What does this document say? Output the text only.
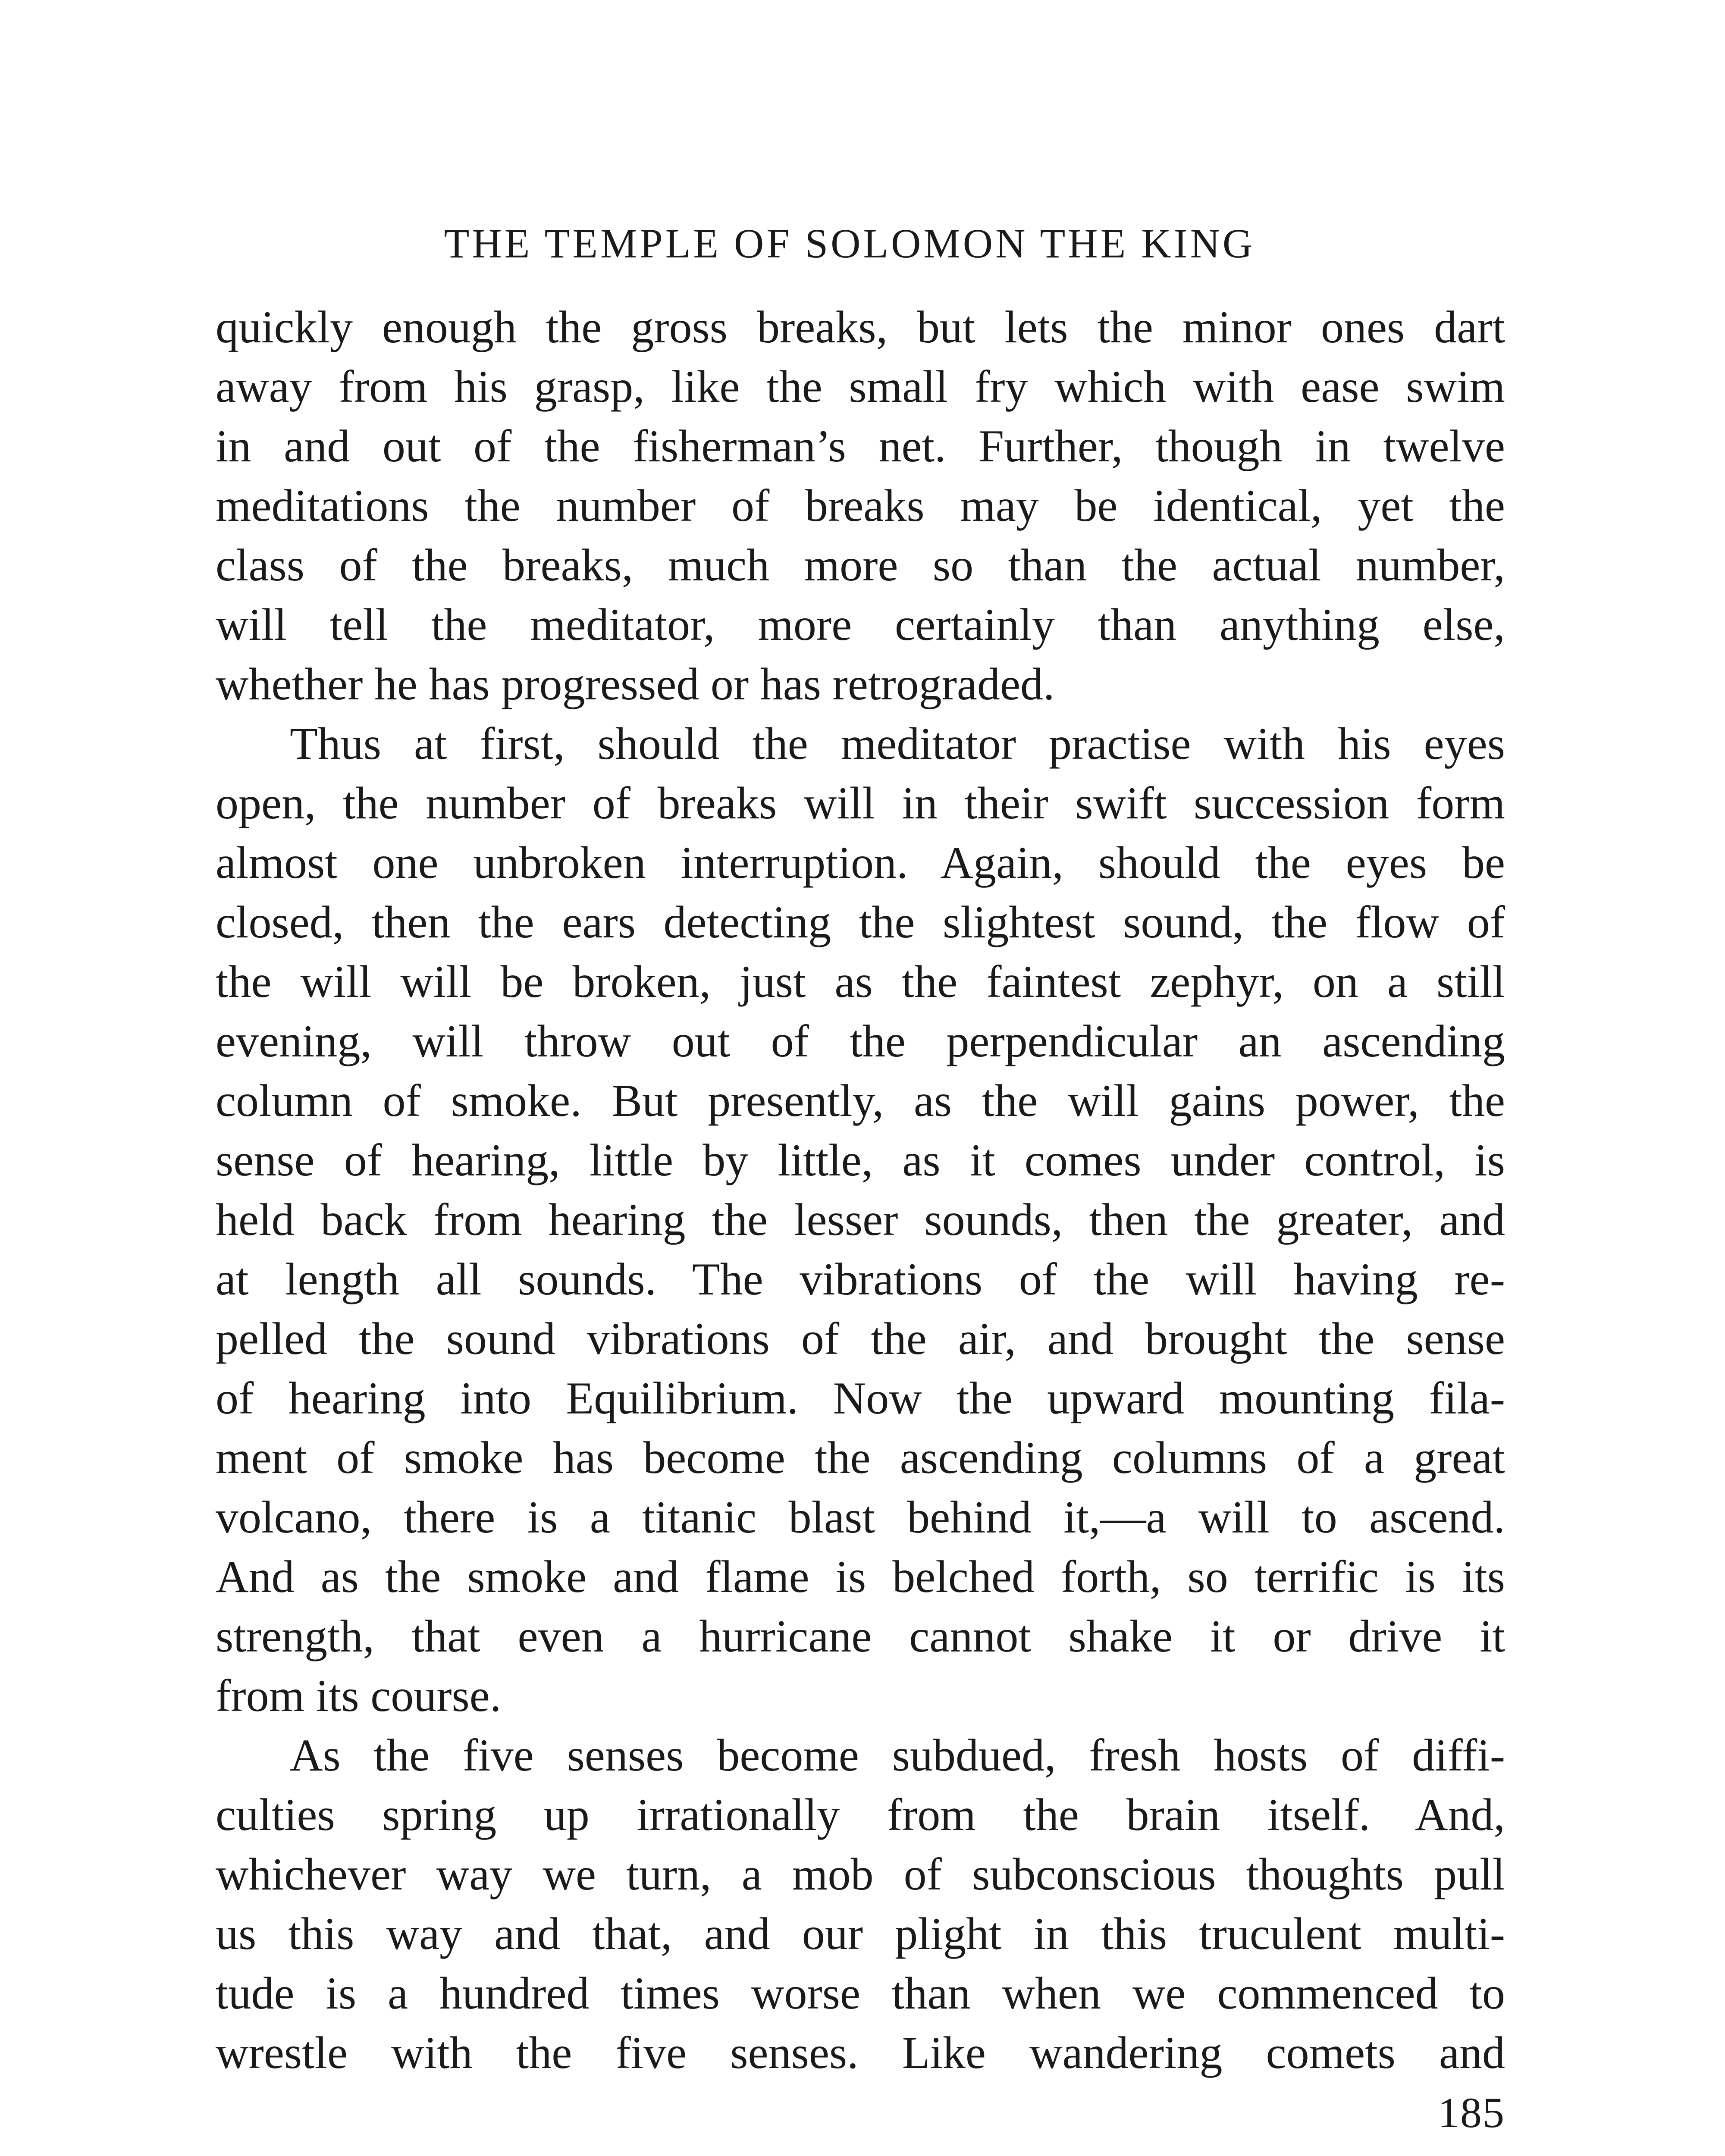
THE TEMPLE OF SOLOMON THE KING
quickly enough the gross breaks, but lets the minor ones dart
away from his grasp, like the small fry which with ease swim
in and out of the fisherman’s net. Further, though in twelve
meditations the number of breaks may be identical, yet the
class of the breaks, much more so than the actual number,
will tell the meditator, more certainly than anything else,
whether he has progressed or has retrograded.
Thus at first, should the meditator practise with his eyes
open, the number of breaks will in their swift succession form
almost one unbroken interruption. Again, should the eyes be
closed, then the ears detecting the slightest sound, the flow of
the will will be broken, just as the faintest zephyr, on a still
evening, will throw out of the perpendicular an ascending
column of smoke. But presently, as the will gains power, the
sense of hearing, little by little, as it comes under control, is
held back from hearing the lesser sounds, then the greater, and
at length all sounds. The vibrations of the will having re-
pelled the sound vibrations of the air, and brought the sense
of hearing into Equilibrium. Now the upward mounting fila-
ment of smoke has become the ascending columns of a great
volcano, there is a titanic blast behind it,—a will to ascend.
And as the smoke and flame is belched forth, so terrific is its
strength, that even a hurricane cannot shake it or drive it
from its course.
As the five senses become subdued, fresh hosts of diffi-
culties spring up irrationally from the brain itself. And,
whichever way we turn, a mob of subconscious thoughts pull
us this way and that, and our plight in this truculent multi-
tude is a hundred times worse than when we commenced to
wrestle with the five senses. Like wandering comets and
185
